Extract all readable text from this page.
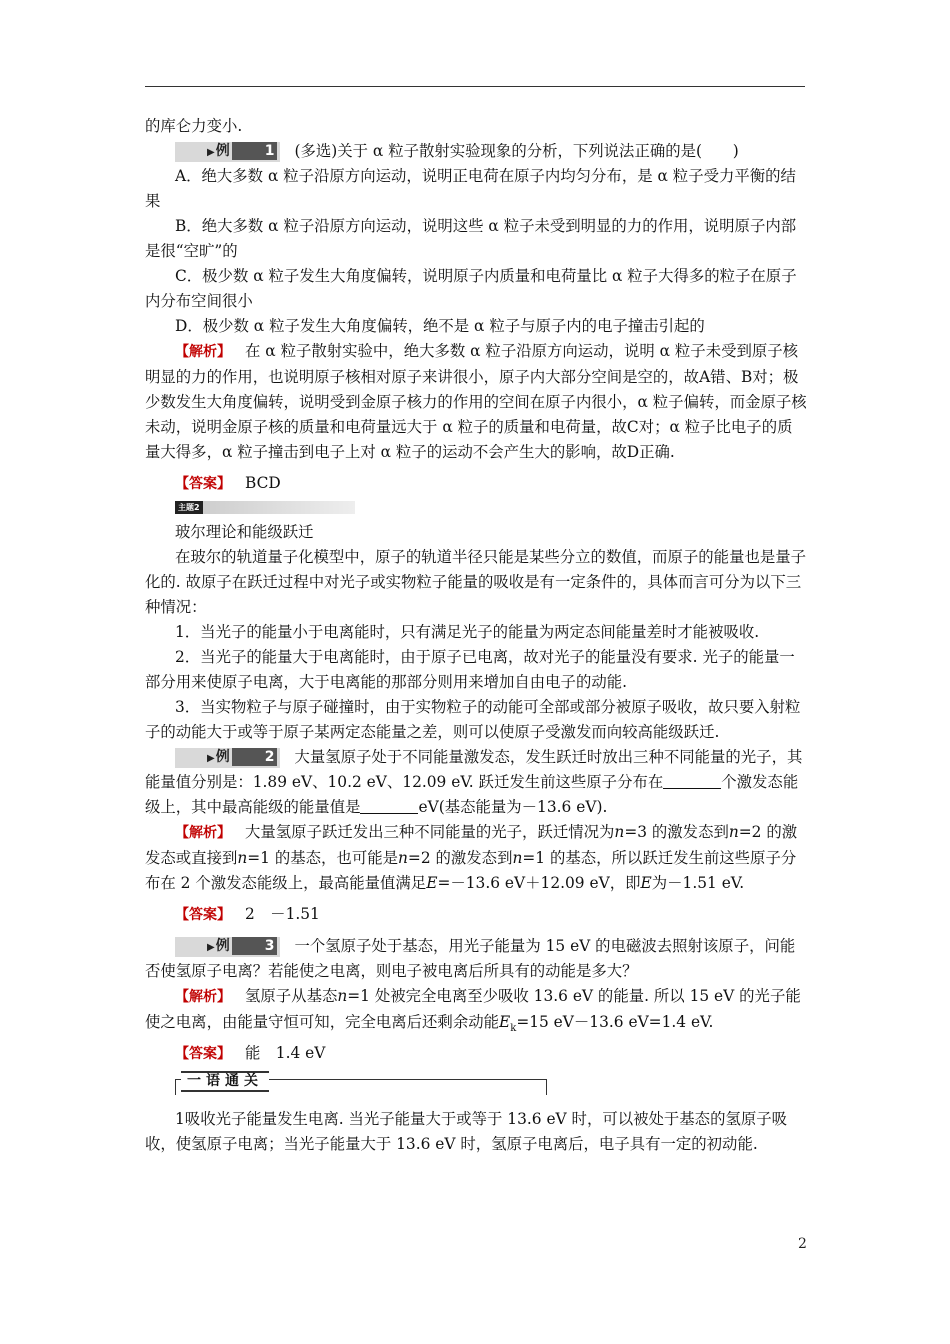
的库仑力变小.

▶例	1 (多选)关于 α 粒子散射实验现象的分析，下列说法正确的是(　　)

A．绝大多数 α 粒子沿原方向运动，说明正电荷在原子内均匀分布，是 α 粒子受力平衡的结果

B．绝大多数 α 粒子沿原方向运动，说明这些 α 粒子未受到明显的力的作用，说明原子内部是很“空旷”的

C．极少数 α 粒子发生大角度偏转，说明原子内质量和电荷量比 α 粒子大得多的粒子在原子内分布空间很小

D．极少数 α 粒子发生大角度偏转，绝不是 α 粒子与原子内的电子撞击引起的

【解析】 在 α 粒子散射实验中，绝大多数 α 粒子沿原方向运动，说明 α 粒子未受到原子核明显的力的作用，也说明原子核相对原子来讲很小，原子内大部分空间是空的，故A错、B对；极少数发生大角度偏转，说明受到金原子核力的作用的空间在原子内很小，α 粒子偏转，而金原子核未动，说明金原子核的质量和电荷量远大于 α 粒子的质量和电荷量，故C对；α 粒子比电子的质量大得多，α 粒子撞击到电子上对 α 粒子的运动不会产生大的影响，故D正确.

【答案】 BCD

主题2

玻尔理论和能级跃迁

在玻尔的轨道量子化模型中，原子的轨道半径只能是某些分立的数值，而原子的能量也是量子化的. 故原子在跃迁过程中对光子或实物粒子能量的吸收是有一定条件的，具体而言可分为以下三种情况：

1．当光子的能量小于电离能时，只有满足光子的能量为两定态间能量差时才能被吸收.

2．当光子的能量大于电离能时，由于原子已电离，故对光子的能量没有要求. 光子的能量一部分用来使原子电离，大于电离能的那部分则用来增加自由电子的动能.

3．当实物粒子与原子碰撞时，由于实物粒子的动能可全部或部分被原子吸收，故只要入射粒子的动能大于或等于原子某两定态能量之差，则可以使原子受激发而向较高能级跃迁.

▶例	2 大量氢原子处于不同能量激发态，发生跃迁时放出三种不同能量的光子，其能量值分别是：1.89 eV、10.2 eV、12.09 eV. 跃迁发生前这些原子分布在	个激发态能级上，其中最高能级的能量值是	eV(基态能量为－13.6 eV).

【解析】 大量氢原子跃迁发出三种不同能量的光子，跃迁情况为n=3 的激发态到n=2 的激发态或直接到n=1 的基态，也可能是n=2 的激发态到n=1 的基态，所以跃迁发生前这些原子分布在 2 个激发态能级上，最高能量值满足E=－13.6 eV＋12.09 eV，即E为－1.51 eV.

【答案】 2　－1.51

▶例	3 一个氢原子处于基态，用光子能量为 15 eV 的电磁波去照射该原子，问能否使氢原子电离？若能使之电离，则电子被电离后所具有的动能是多大？

【解析】 氢原子从基态n=1 处被完全电离至少吸收 13.6 eV 的能量. 所以 15 eV 的光子能使之电离，由能量守恒可知，完全电离后还剩余动能$E_k=15$ eV－13.6 eV=1.4 eV.

【答案】 能　1.4 eV

一语通关

1吸收光子能量发生电离. 当光子能量大于或等于 13.6 eV 时，可以被处于基态的氢原子吸收，使氢原子电离；当光子能量大于 13.6 eV 时，氢原子电离后，电子具有一定的初动能.

2
